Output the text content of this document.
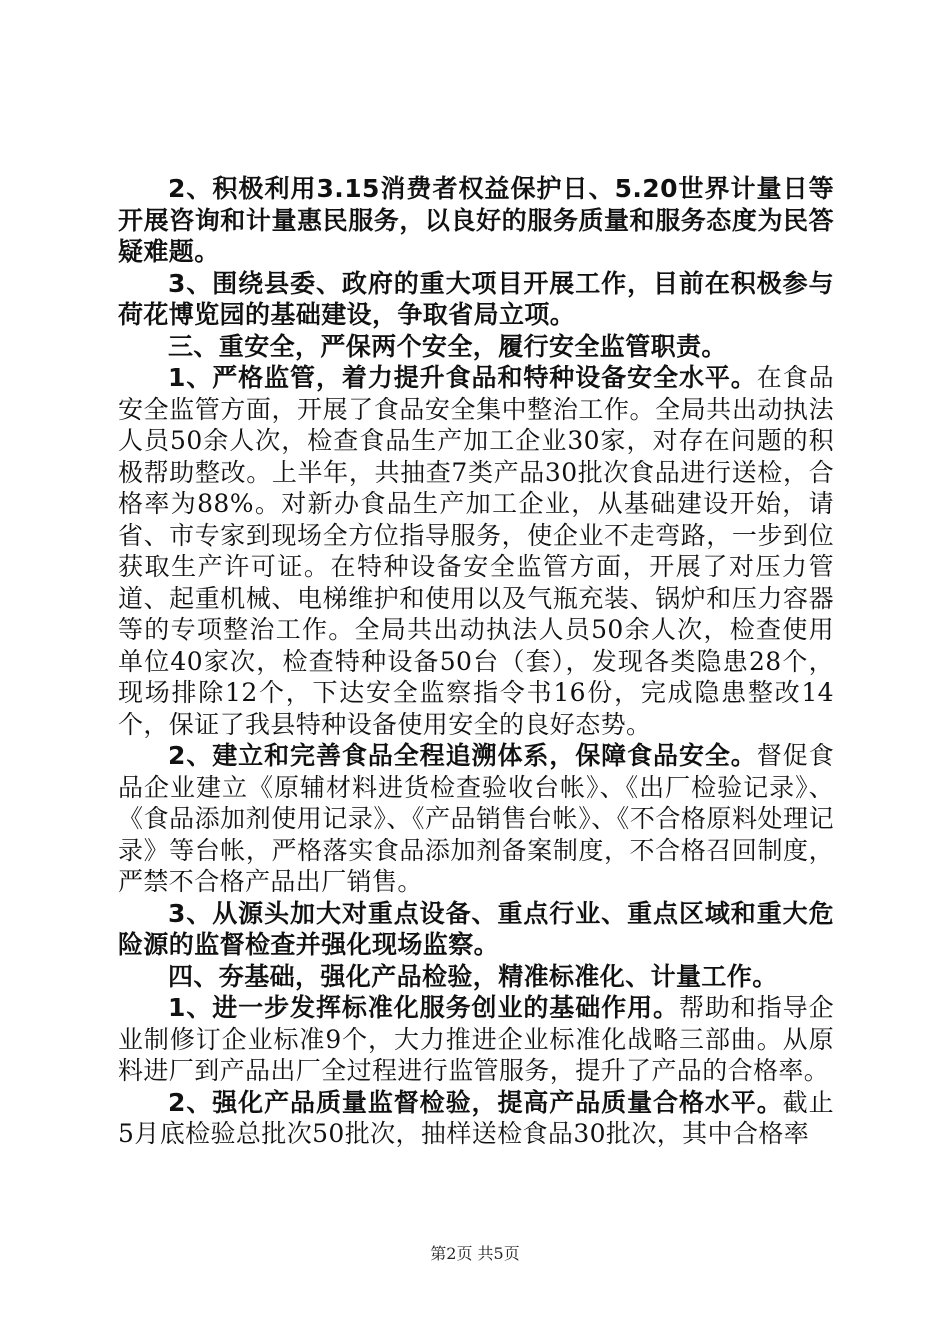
2、积极利用3.15消费者权益保护日、5.20世界计量日等开展咨询和计量惠民服务，以良好的服务质量和服务态度为民答疑难题。

3、围绕县委、政府的重大项目开展工作，目前在积极参与荷花博览园的基础建设，争取省局立项。

三、重安全，严保两个安全，履行安全监管职责。

1、严格监管，着力提升食品和特种设备安全水平。在食品安全监管方面，开展了食品安全集中整治工作。全局共出动执法人员50余人次，检查食品生产加工企业30家，对存在问题的积极帮助整改。上半年，共抽查7类产品30批次食品进行送检，合格率为88%。对新办食品生产加工企业，从基础建设开始，请省、市专家到现场全方位指导服务，使企业不走弯路，一步到位获取生产许可证。在特种设备安全监管方面，开展了对压力管道、起重机械、电梯维护和使用以及气瓶充装、锅炉和压力容器等的专项整治工作。全局共出动执法人员50余人次，检查使用单位40家次，检查特种设备50台（套），发现各类隐患28个，现场排除12个，下达安全监察指令书16份，完成隐患整改14个，保证了我县特种设备使用安全的良好态势。

2、建立和完善食品全程追溯体系，保障食品安全。督促食品企业建立《原辅材料进货检查验收台帐》、《出厂检验记录》、《食品添加剂使用记录》、《产品销售台帐》、《不合格原料处理记录》等台帐，严格落实食品添加剂备案制度，不合格召回制度，严禁不合格产品出厂销售。

3、从源头加大对重点设备、重点行业、重点区域和重大危险源的监督检查并强化现场监察。

四、夯基础，强化产品检验，精准标准化、计量工作。

1、进一步发挥标准化服务创业的基础作用。帮助和指导企业制修订企业标准9个，大力推进企业标准化战略三部曲。从原料进厂到产品出厂全过程进行监管服务，提升了产品的合格率。

2、强化产品质量监督检验，提高产品质量合格水平。截止5月底检验总批次50批次，抽样送检食品30批次，其中合格率

第2页 共5页
